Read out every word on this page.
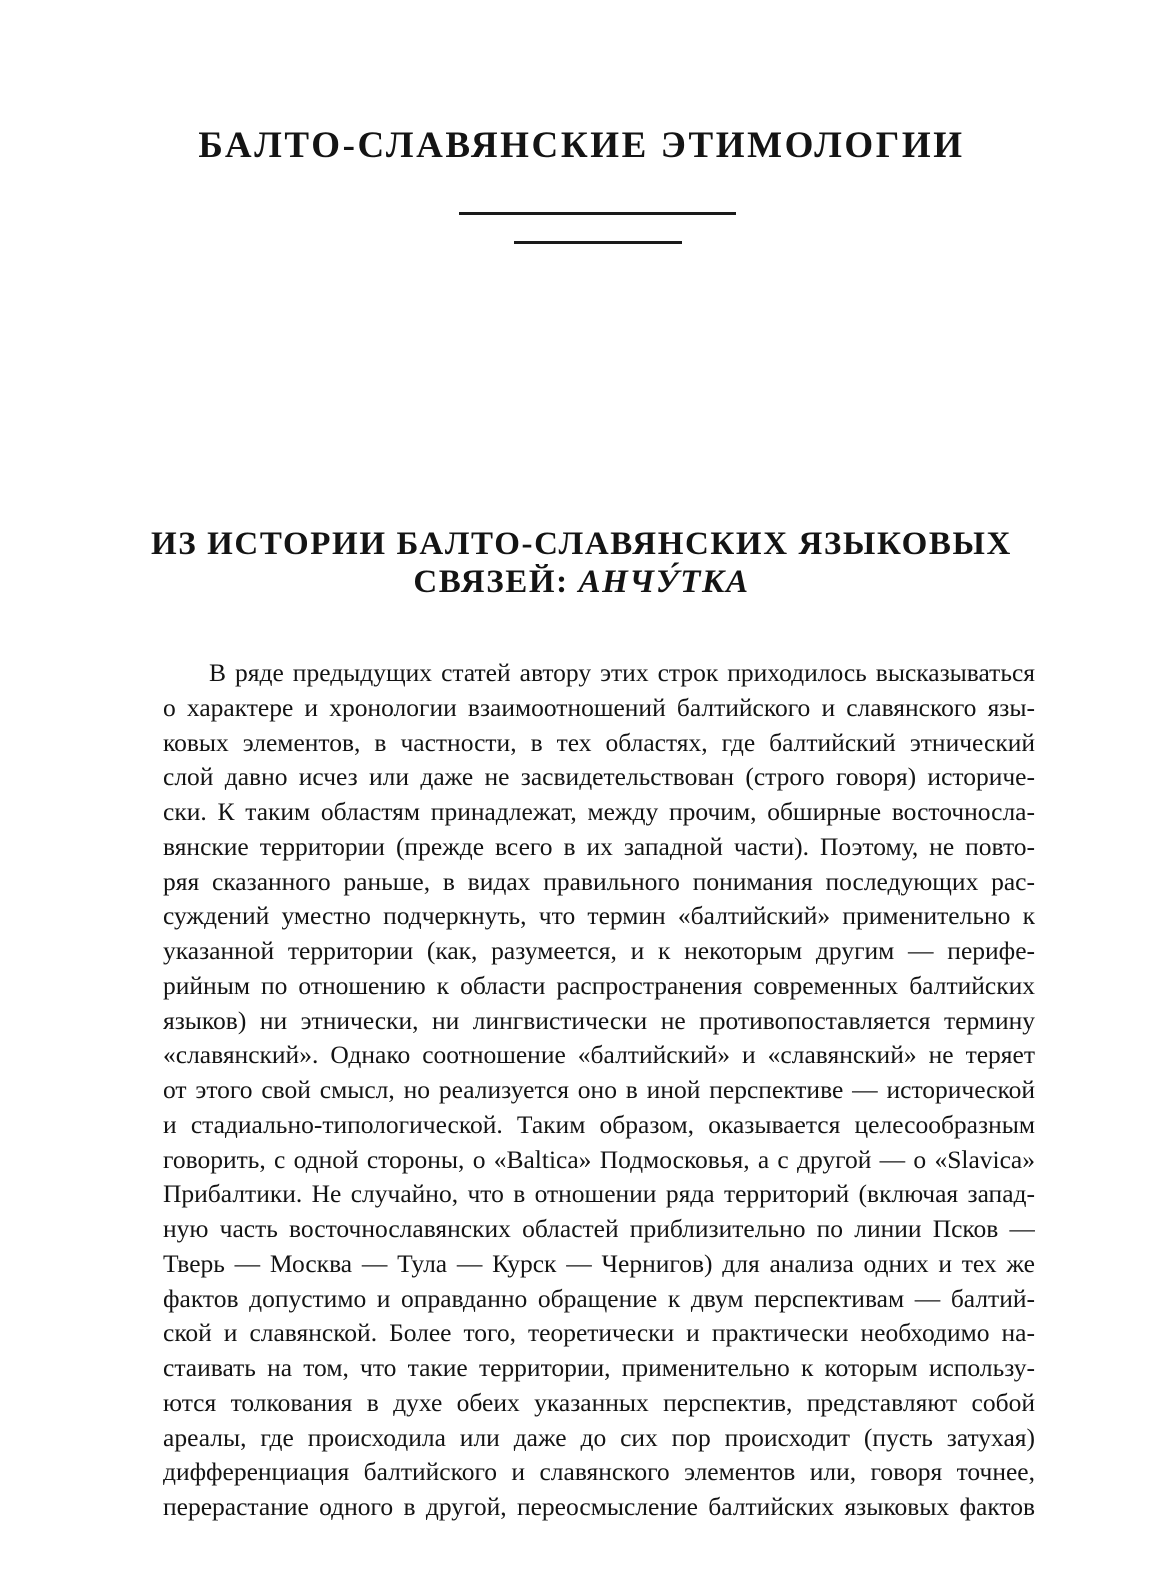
БАЛТО-СЛАВЯНСКИЕ ЭТИМОЛОГИИ
ИЗ ИСТОРИИ БАЛТО-СЛАВЯНСКИХ ЯЗЫКОВЫХ
СВЯЗЕЙ: АНЧУ́ТКА
В ряде предыдущих статей автору этих строк приходилось высказываться
о характере и хронологии взаимоотношений балтийского и славянского язы-
ковых элементов, в частности, в тех областях, где балтийский этнический
слой давно исчез или даже не засвидетельствован (строго говоря) историче-
ски. К таким областям принадлежат, между прочим, обширные восточносла-
вянские территории (прежде всего в их западной части). Поэтому, не повто-
ряя сказанного раньше, в видах правильного понимания последующих рас-
суждений уместно подчеркнуть, что термин «балтийский» применительно к
указанной территории (как, разумеется, и к некоторым другим — перифе-
рийным по отношению к области распространения современных балтийских
языков) ни этнически, ни лингвистически не противопоставляется термину
«славянский». Однако соотношение «балтийский» и «славянский» не теряет
от этого свой смысл, но реализуется оно в иной перспективе — исторической
и стадиально-типологической. Таким образом, оказывается целесообразным
говорить, с одной стороны, о «Baltica» Подмосковья, а с другой — о «Slavica»
Прибалтики. Не случайно, что в отношении ряда территорий (включая запад-
ную часть восточнославянских областей приблизительно по линии Псков —
Тверь — Москва — Тула — Курск — Чернигов) для анализа одних и тех же
фактов допустимо и оправданно обращение к двум перспективам — балтий-
ской и славянской. Более того, теоретически и практически необходимо на-
стаивать на том, что такие территории, применительно к которым использу-
ются толкования в духе обеих указанных перспектив, представляют собой
ареалы, где происходила или даже до сих пор происходит (пусть затухая)
дифференциация балтийского и славянского элементов или, говоря точнее,
перерастание одного в другой, переосмысление балтийских языковых фактов
